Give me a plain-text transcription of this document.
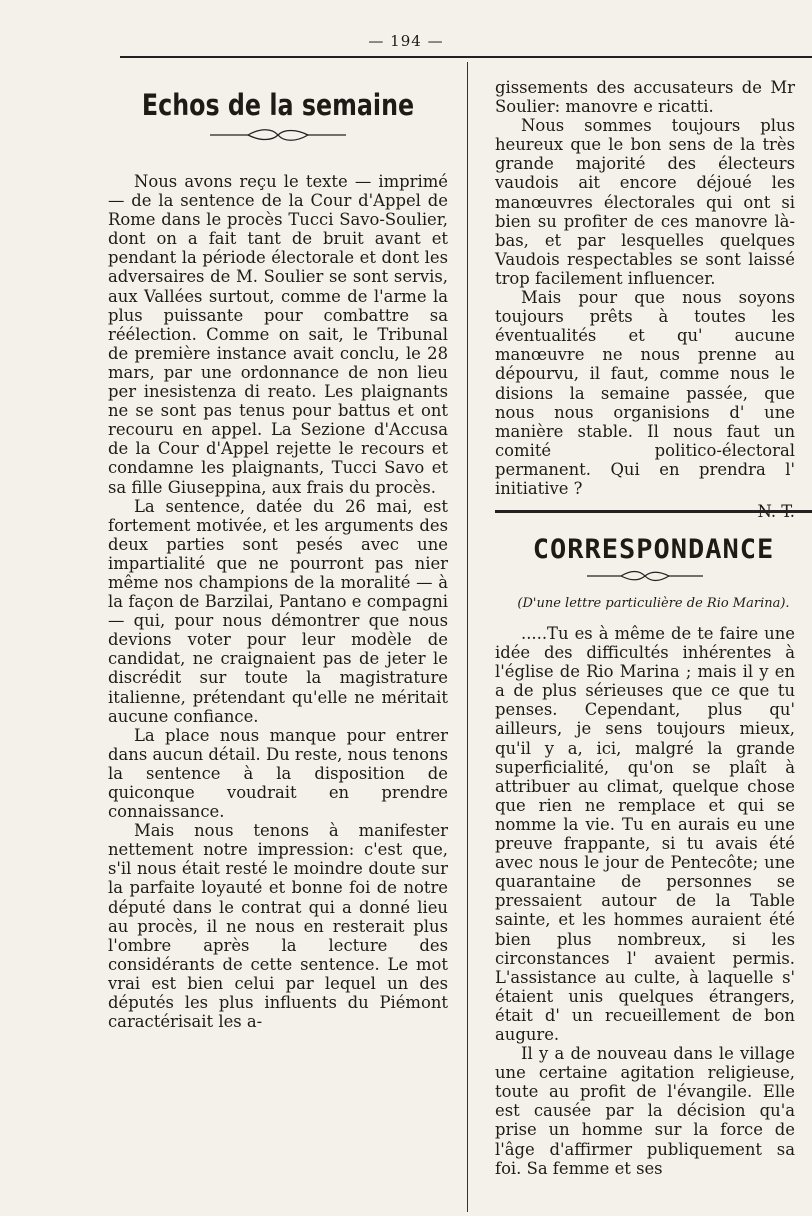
— 194 —
Echos de la semaine

Nous avons reçu le texte — imprimé — de la sentence de la Cour d'Appel de Rome dans le procès Tucci Savo-Soulier, dont on a fait tant de bruit avant et pendant la période électorale et dont les adversaires de M. Soulier se sont servis, aux Vallées surtout, comme de l'arme la plus puissante pour combattre sa réélection. Comme on sait, le Tribunal de première instance avait conclu, le 28 mars, par une ordonnance de non lieu per inesistenza di reato. Les plaignants ne se sont pas tenus pour battus et ont recouru en appel. La Sezione d'Accusa de la Cour d'Appel rejette le recours et condamne les plaignants, Tucci Savo et sa fille Giuseppina, aux frais du procès.

La sentence, datée du 26 mai, est fortement motivée, et les arguments des deux parties sont pesés avec une impartialité que ne pourront pas nier même nos champions de la moralité — à la façon de Barzilai, Pantano e compagni — qui, pour nous démontrer que nous devions voter pour leur modèle de candidat, ne craignaient pas de jeter le discrédit sur toute la magistrature italienne, prétendant qu'elle ne méritait aucune confiance.

La place nous manque pour entrer dans aucun détail. Du reste, nous tenons la sentence à la disposition de quiconque voudrait en prendre connaissance.

Mais nous tenons à manifester nettement notre impression: c'est que, s'il nous était resté le moindre doute sur la parfaite loyauté et bonne foi de notre député dans le contrat qui a donné lieu au procès, il ne nous en resterait plus l'ombre après la lecture des considérants de cette sentence. Le mot vrai est bien celui par lequel un des députés les plus influents du Piémont caractérisait les a-

gissements des accusateurs de Mr Soulier: manovre e ricatti.

Nous sommes toujours plus heureux que le bon sens de la très grande majorité des électeurs vaudois ait encore déjoué les manœuvres électorales qui ont si bien su profiter de ces manovre là-bas, et par lesquelles quelques Vaudois respectables se sont laissé trop facilement influencer.

Mais pour que nous soyons toujours prêts à toutes les éventualités et qu' aucune manœuvre ne nous prenne au dépourvu, il faut, comme nous le disions la semaine passée, que nous nous organisions d' une manière stable. Il nous faut un comité politico-électoral permanent. Qui en prendra l' initiative ?

N. T.
CORRESPONDANCE
(D'une lettre particulière de Rio Marina).

.....Tu es à même de te faire une idée des difficultés inhérentes à l'église de Rio Marina ; mais il y en a de plus sérieuses que ce que tu penses. Cependant, plus qu' ailleurs, je sens toujours mieux, qu'il y a, ici, malgré la grande superficialité, qu'on se plaît à attribuer au climat, quelque chose que rien ne remplace et qui se nomme la vie. Tu en aurais eu une preuve frappante, si tu avais été avec nous le jour de Pentecôte; une quarantaine de personnes se pressaient autour de la Table sainte, et les hommes auraient été bien plus nombreux, si les circonstances l' avaient permis. L'assistance au culte, à laquelle s' étaient unis quelques étrangers, était d' un recueillement de bon augure.

Il y a de nouveau dans le village une certaine agitation religieuse, toute au profit de l'évangile. Elle est causée par la décision qu'a prise un homme sur la force de l'âge d'affirmer publiquement sa foi. Sa femme et ses
